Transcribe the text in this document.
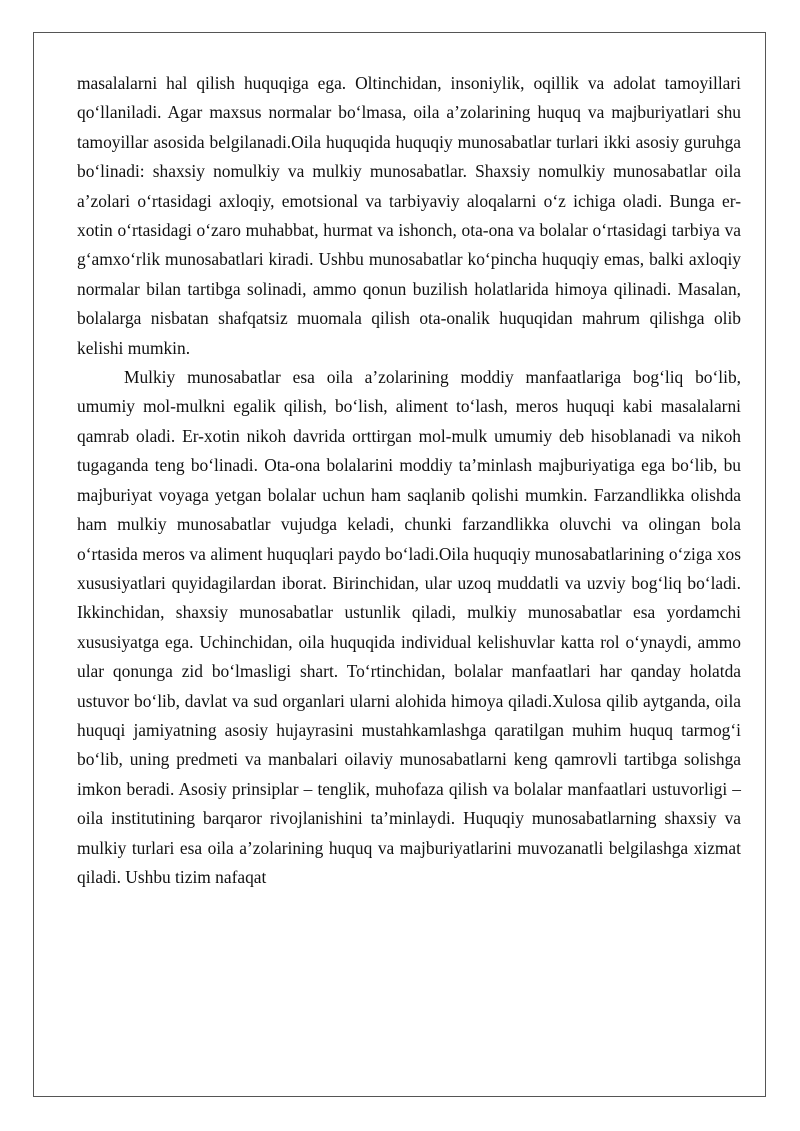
masalalarni hal qilish huquqiga ega. Oltinchidan, insoniylik, oqillik va adolat tamoyillari qo‘llaniladi. Agar maxsus normalar bo‘lmasa, oila a’zolarining huquq va majburiyatlari shu tamoyillar asosida belgilanadi.Oila huquqida huquqiy munosabatlar turlari ikki asosiy guruhga bo‘linadi: shaxsiy nomulkiy va mulkiy munosabatlar. Shaxsiy nomulkiy munosabatlar oila a’zolari o‘rtasidagi axloqiy, emotsional va tarbiyaviy aloqalarni o‘z ichiga oladi. Bunga er-xotin o‘rtasidagi o‘zaro muhabbat, hurmat va ishonch, ota-ona va bolalar o‘rtasidagi tarbiya va g‘amxo‘rlik munosabatlari kiradi. Ushbu munosabatlar ko‘pincha huquqiy emas, balki axloqiy normalar bilan tartibga solinadi, ammo qonun buzilish holatlarida himoya qilinadi. Masalan, bolalarga nisbatan shafqatsiz muomala qilish ota-onalik huquqidan mahrum qilishga olib kelishi mumkin.

Mulkiy munosabatlar esa oila a’zolarining moddiy manfaatlariga bog‘liq bo‘lib, umumiy mol-mulkni egalik qilish, bo‘lish, aliment to‘lash, meros huquqi kabi masalalarni qamrab oladi. Er-xotin nikoh davrida orttirgan mol-mulk umumiy deb hisoblanadi va nikoh tugaganda teng bo‘linadi. Ota-ona bolalarini moddiy ta’minlash majburiyatiga ega bo‘lib, bu majburiyat voyaga yetgan bolalar uchun ham saqlanib qolishi mumkin. Farzandlikka olishda ham mulkiy munosabatlar vujudga keladi, chunki farzandlikka oluvchi va olingan bola o‘rtasida meros va aliment huquqlari paydo bo‘ladi.Oila huquqiy munosabatlarining o‘ziga xos xususiyatlari quyidagilardan iborat. Birinchidan, ular uzoq muddatli va uzviy bog‘liq bo‘ladi. Ikkinchidan, shaxsiy munosabatlar ustunlik qiladi, mulkiy munosabatlar esa yordamchi xususiyatga ega. Uchinchidan, oila huquqida individual kelishuvlar katta rol o‘ynaydi, ammo ular qonunga zid bo‘lmasligi shart. To‘rtinchidan, bolalar manfaatlari har qanday holatda ustuvor bo‘lib, davlat va sud organlari ularni alohida himoya qiladi.Xulosa qilib aytganda, oila huquqi jamiyatning asosiy hujayrasini mustahkamlashga qaratilgan muhim huquq tarmog‘i bo‘lib, uning predmeti va manbalari oilaviy munosabatlarni keng qamrovli tartibga solishga imkon beradi. Asosiy prinsiplar – tenglik, muhofaza qilish va bolalar manfaatlari ustuvorligi – oila institutining barqaror rivojlanishini ta’minlaydi. Huquqiy munosabatlarning shaxsiy va mulkiy turlari esa oila a’zolarining huquq va majburiyatlarini muvozanatli belgilashga xizmat qiladi. Ushbu tizim nafaqat
